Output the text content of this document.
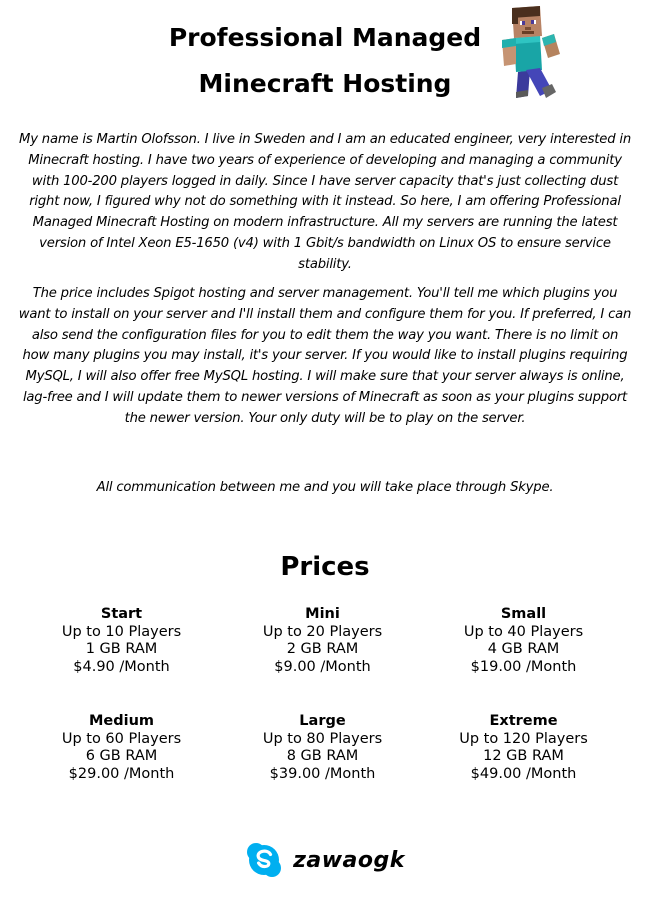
Professional Managed
Minecraft Hosting

My name is Martin Olofsson. I live in Sweden and I am an educated engineer, very interested in Minecraft hosting. I have two years of experience of developing and managing a community with 100-200 players logged in daily. Since I have server capacity that's just collecting dust right now, I figured why not do something with it instead. So here, I am offering Professional Managed Minecraft Hosting on modern infrastructure. All my servers are running the latest version of Intel Xeon E5-1650 (v4) with 1 Gbit/s bandwidth on Linux OS to ensure service stability.

The price includes Spigot hosting and server management. You'll tell me which plugins you want to install on your server and I'll install them and configure them for you. If preferred, I can also send the configuration files for you to edit them the way you want. There is no limit on how many plugins you may install, it's your server. If you would like to install plugins requiring MySQL, I will also offer free MySQL hosting. I will make sure that your server always is online, lag-free and I will update them to newer versions of Minecraft as soon as your plugins support the newer version. Your only duty will be to play on the server.

All communication between me and you will take place through Skype.

Prices
Start
Up to 10 Players
1 GB RAM
$4.90 /Month
Mini
Up to 20 Players
2 GB RAM
$9.00 /Month
Small
Up to 40 Players
4 GB RAM
$19.00 /Month
Medium
Up to 60 Players
6 GB RAM
$29.00 /Month
Large
Up to 80 Players
8 GB RAM
$39.00 /Month
Extreme
Up to 120 Players
12 GB RAM
$49.00 /Month
zawaogk
